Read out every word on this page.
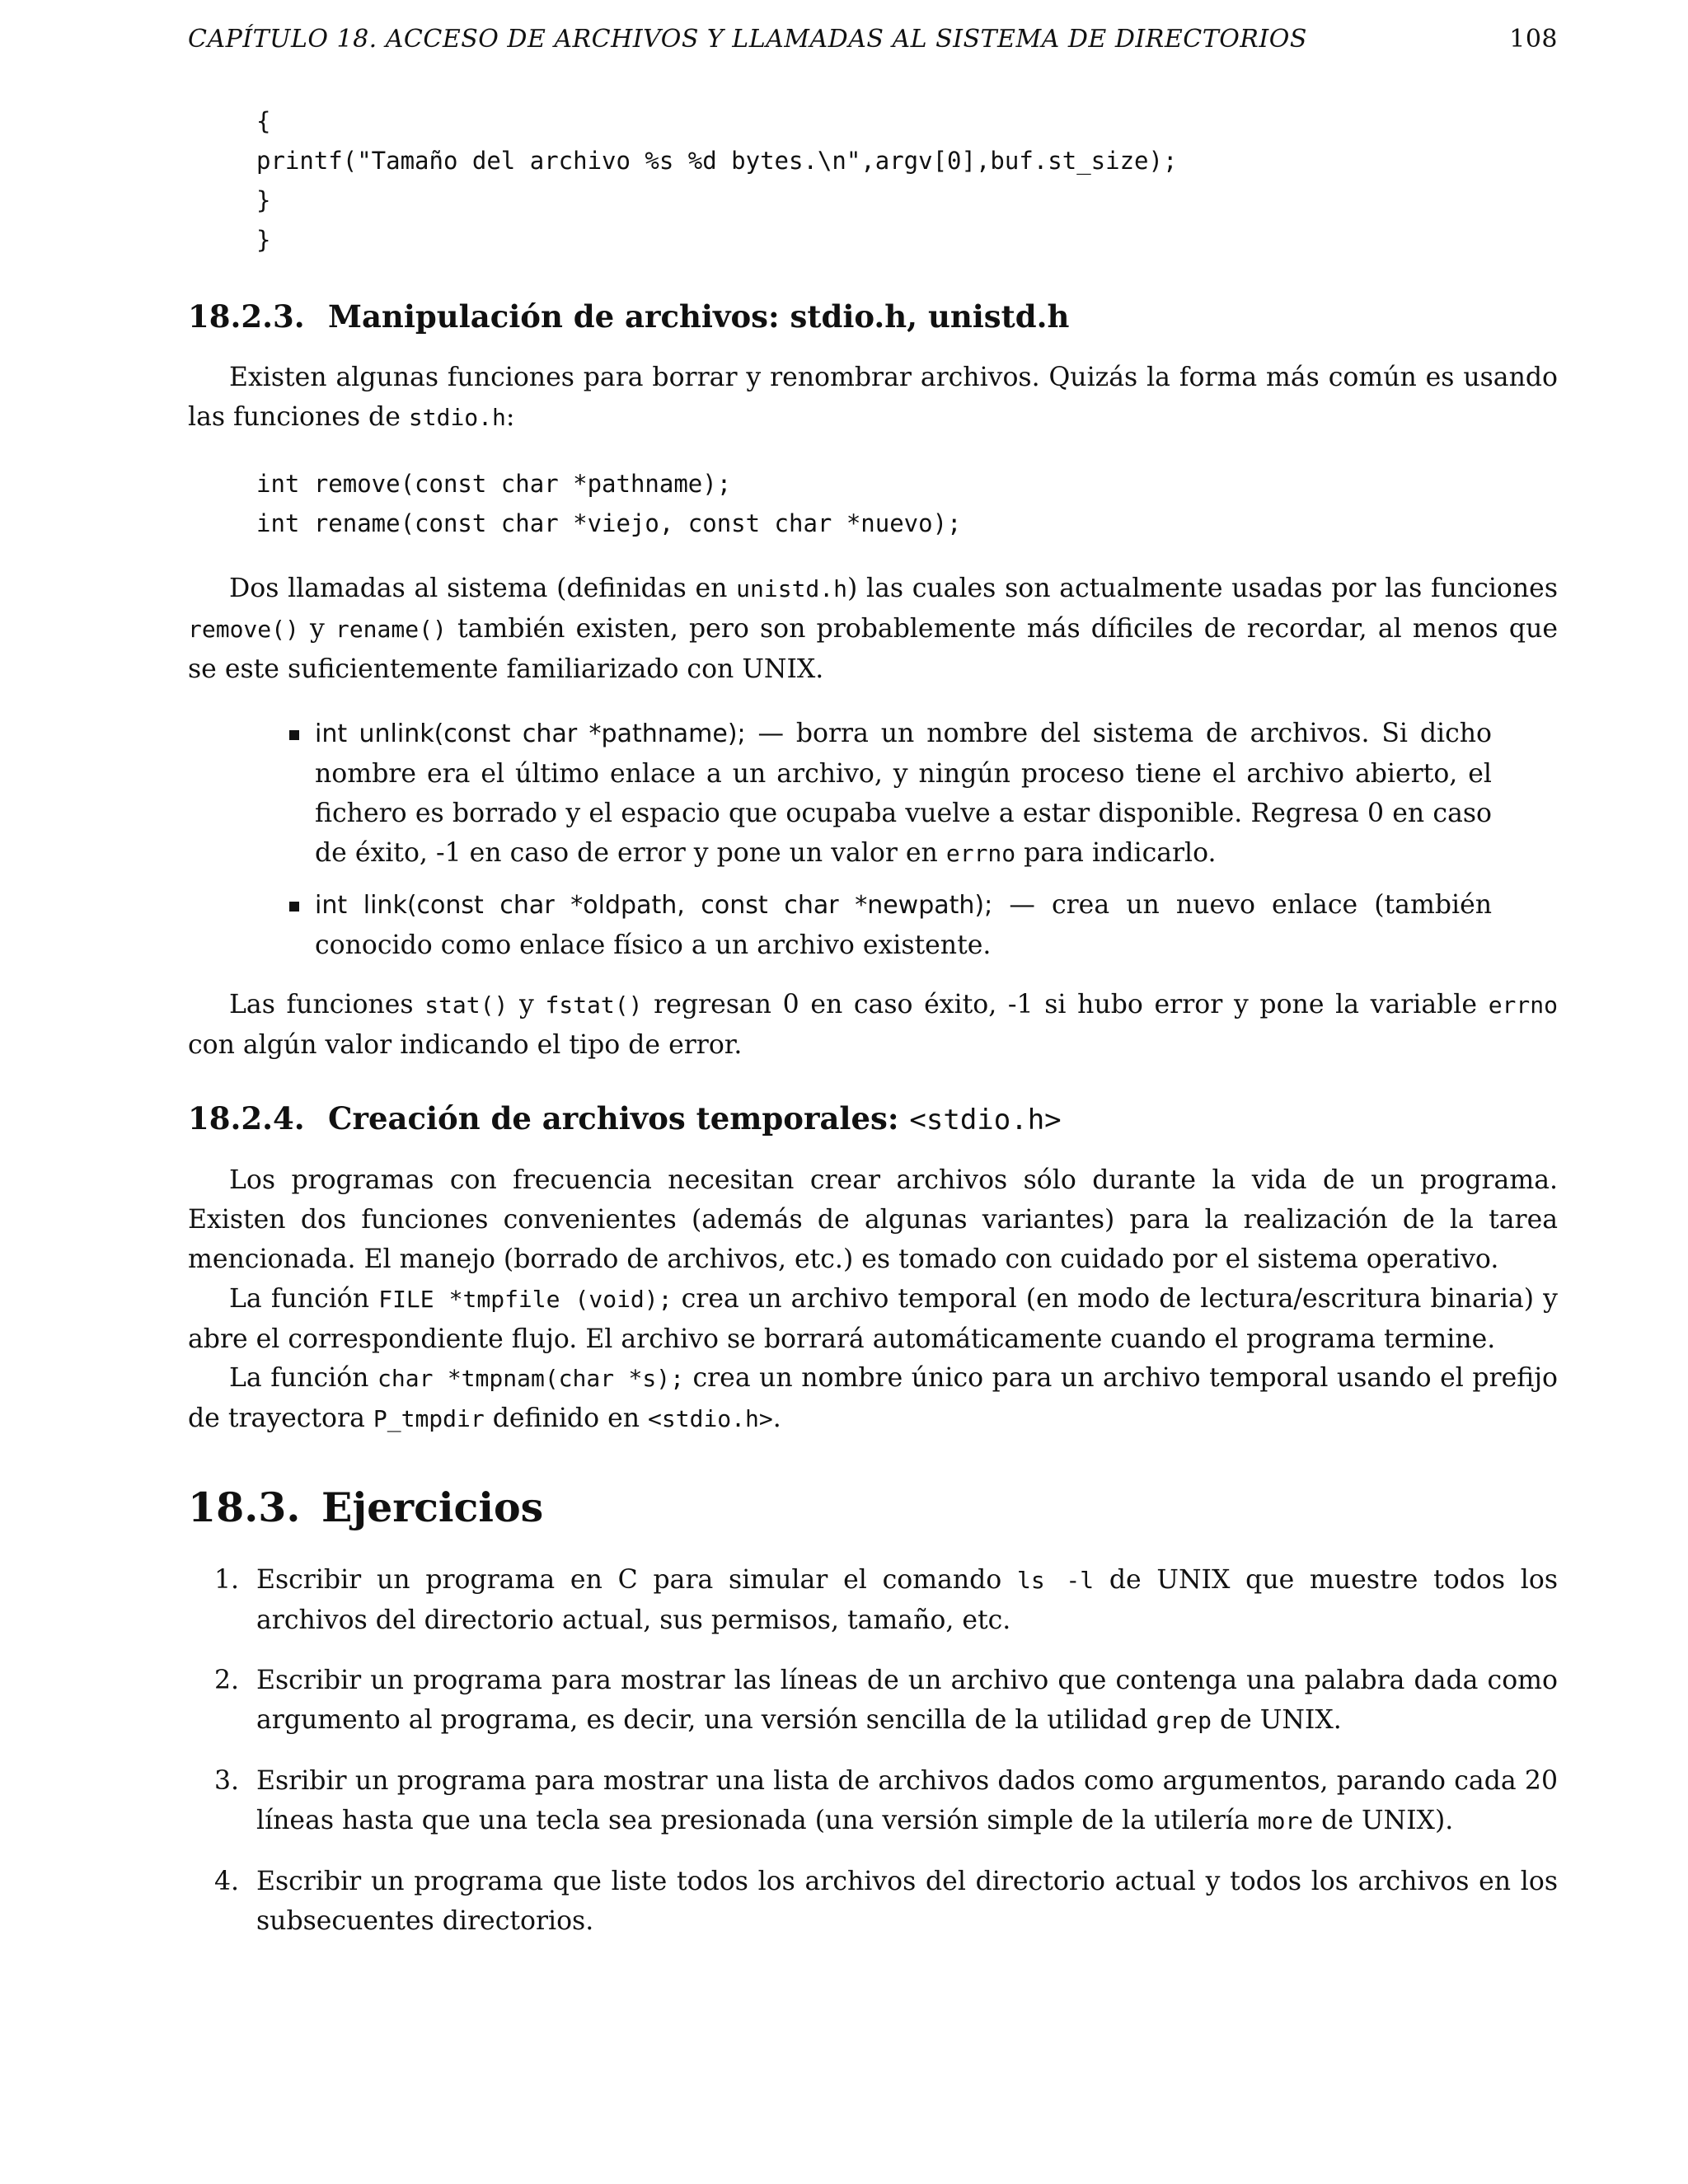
CAPÍTULO 18. ACCESO DE ARCHIVOS Y LLAMADAS AL SISTEMA DE DIRECTORIOS	108
{
printf("Tamaño del archivo %s %d bytes.\n",argv[0],buf.st_size);
}
}
18.2.3. Manipulación de archivos: stdio.h, unistd.h
Existen algunas funciones para borrar y renombrar archivos. Quizás la forma más común es usando las funciones de stdio.h:
int remove(const char *pathname);
int rename(const char *viejo, const char *nuevo);
Dos llamadas al sistema (definidas en unistd.h) las cuales son actualmente usadas por las funciones remove() y rename() también existen, pero son probablemente más díficiles de recordar, al menos que se este suficientemente familiarizado con UNIX.
int unlink(const char *pathname); — borra un nombre del sistema de archivos. Si dicho nombre era el último enlace a un archivo, y ningún proceso tiene el archivo abierto, el fichero es borrado y el espacio que ocupaba vuelve a estar disponible. Regresa 0 en caso de éxito, -1 en caso de error y pone un valor en errno para indicarlo.
int link(const char *oldpath, const char *newpath); — crea un nuevo enlace (también conocido como enlace físico a un archivo existente.
Las funciones stat() y fstat() regresan 0 en caso éxito, -1 si hubo error y pone la variable errno con algún valor indicando el tipo de error.
18.2.4. Creación de archivos temporales: <stdio.h>
Los programas con frecuencia necesitan crear archivos sólo durante la vida de un programa. Existen dos funciones convenientes (además de algunas variantes) para la realización de la tarea mencionada. El manejo (borrado de archivos, etc.) es tomado con cuidado por el sistema operativo.
La función FILE *tmpfile (void); crea un archivo temporal (en modo de lectura/escritura binaria) y abre el correspondiente flujo. El archivo se borrará automáticamente cuando el programa termine.
La función char *tmpnam(char *s); crea un nombre único para un archivo temporal usando el prefijo de trayectora P_tmpdir definido en <stdio.h>.
18.3. Ejercicios
1. Escribir un programa en C para simular el comando ls -l de UNIX que muestre todos los archivos del directorio actual, sus permisos, tamaño, etc.
2. Escribir un programa para mostrar las líneas de un archivo que contenga una palabra dada como argumento al programa, es decir, una versión sencilla de la utilidad grep de UNIX.
3. Esribir un programa para mostrar una lista de archivos dados como argumentos, parando cada 20 líneas hasta que una tecla sea presionada (una versión simple de la utilería more de UNIX).
4. Escribir un programa que liste todos los archivos del directorio actual y todos los archivos en los subsecuentes directorios.
